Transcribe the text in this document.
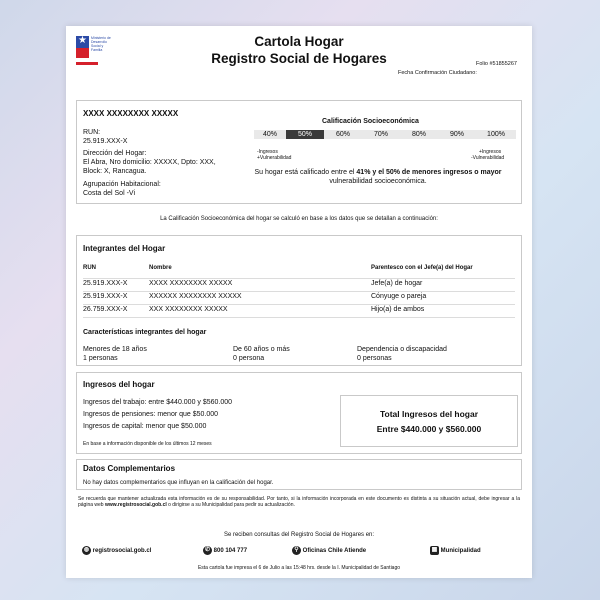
★ Ministerio de Desarrollo Social y Familia
Cartola Hogar
Registro Social de Hogares	Folio #51855267
Fecha Confirmación Ciudadano:
XXXX XXXXXXXX XXXXX
RUN:
25.919.XXX-X
Dirección del Hogar:
El Abra, Nro domicilio: XXXXX, Dpto: XXX,
Block: X, Rancagua.
Agrupación Habitacional:
Costa del Sol -Vi
Calificación Socioeconómica
40%	50%	60%	70%	80%	90%	100%
-Ingresos
+Vulnerabilidad
+Ingresos
-Vulnerabilidad
Su hogar está calificado entre el 41% y el 50% de menores ingresos o mayor
vulnerabilidad socioeconómica.
La Calificación Socioeconómica del hogar se calculó en base a los datos que se detallan a continuación:
Integrantes del Hogar
RUN	Nombre	Parentesco con el Jefe(a) del Hogar
25.919.XXX-X	XXXX XXXXXXXX XXXXX	Jefe(a) de hogar
25.919.XXX-X	XXXXXX XXXXXXXX XXXXX	Cónyuge o pareja
26.759.XXX-X	XXX XXXXXXXX XXXXX	Hijo(a) de ambos
Características integrantes del hogar
Menores de 18 años
1 personas
De 60 años o más
0 persona
Dependencia o discapacidad
0 personas
Ingresos del hogar
Ingresos del trabajo: entre $440.000 y $560.000
Ingresos de pensiones: menor que $50.000
Ingresos de capital: menor que $50.000
En base a información disponible de los últimos 12 meses
Total Ingresos del hogar
Entre $440.000 y $560.000
Datos Complementarios
No hay datos complementarios que influyan en la calificación del hogar.
Se recuerda que mantener actualizada esta información es de su responsabilidad. Por tanto, si la información incorporada en este documento es distinta a su situación actual, debe ingresar a la página web www.registrosocial.gob.cl o dirigirse a su Municipalidad para pedir su actualización.
Se reciben consultas del Registro Social de Hogares en:
◍ registrosocial.gob.cl	✆ 800 104 777	⚲ Oficinas Chile Atiende	▦ Municipalidad
Esta cartola fue impresa el 6 de Julio a las 15:48 hrs. desde la I. Municipalidad de Santiago
